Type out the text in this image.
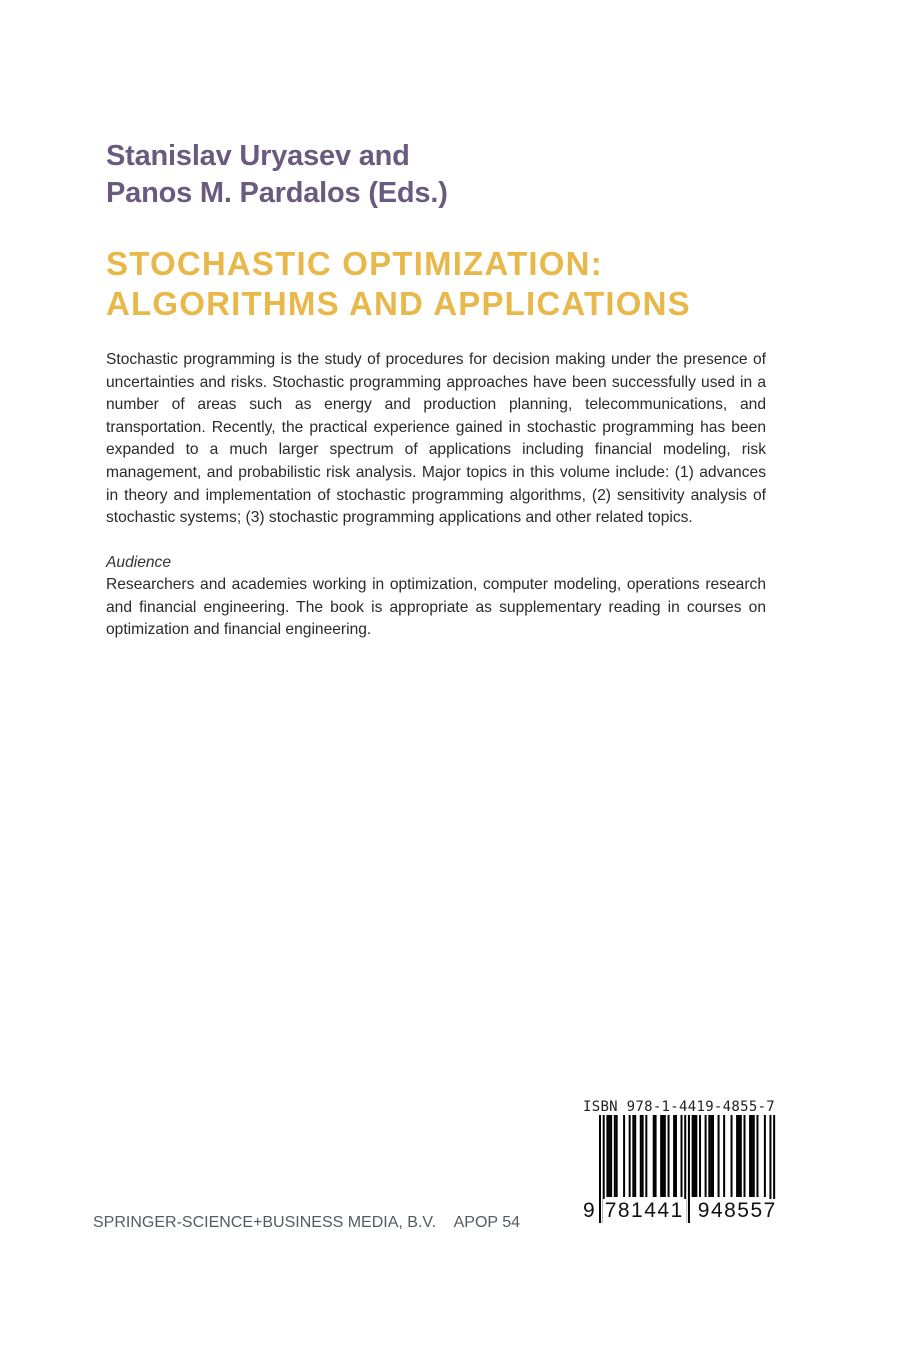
Stanislav Uryasev and
Panos M. Pardalos (Eds.)
STOCHASTIC OPTIMIZATION:
ALGORITHMS AND APPLICATIONS

Stochastic programming is the study of procedures for decision making under the presence of uncertainties and risks. Stochastic programming approaches have been successfully used in a number of areas such as energy and production planning, telecommunications, and transportation. Recently, the practical experience gained in stochastic programming has been expanded to a much larger spectrum of applications including financial modeling, risk management, and probabilistic risk analysis. Major topics in this volume include: (1) advances in theory and implementation of stochastic programming algorithms, (2) sensitivity analysis of stochastic systems; (3) stochastic programming applications and other related topics.

Audience
Researchers and academies working in optimization, computer modeling, operations research and financial engineering. The book is appropriate as supplementary reading in courses on optimization and financial engineering.
ISBN 978-1-4419-4855-7
9 781441 948557
SPRINGER-SCIENCE+BUSINESS MEDIA, B.V. APOP 54
